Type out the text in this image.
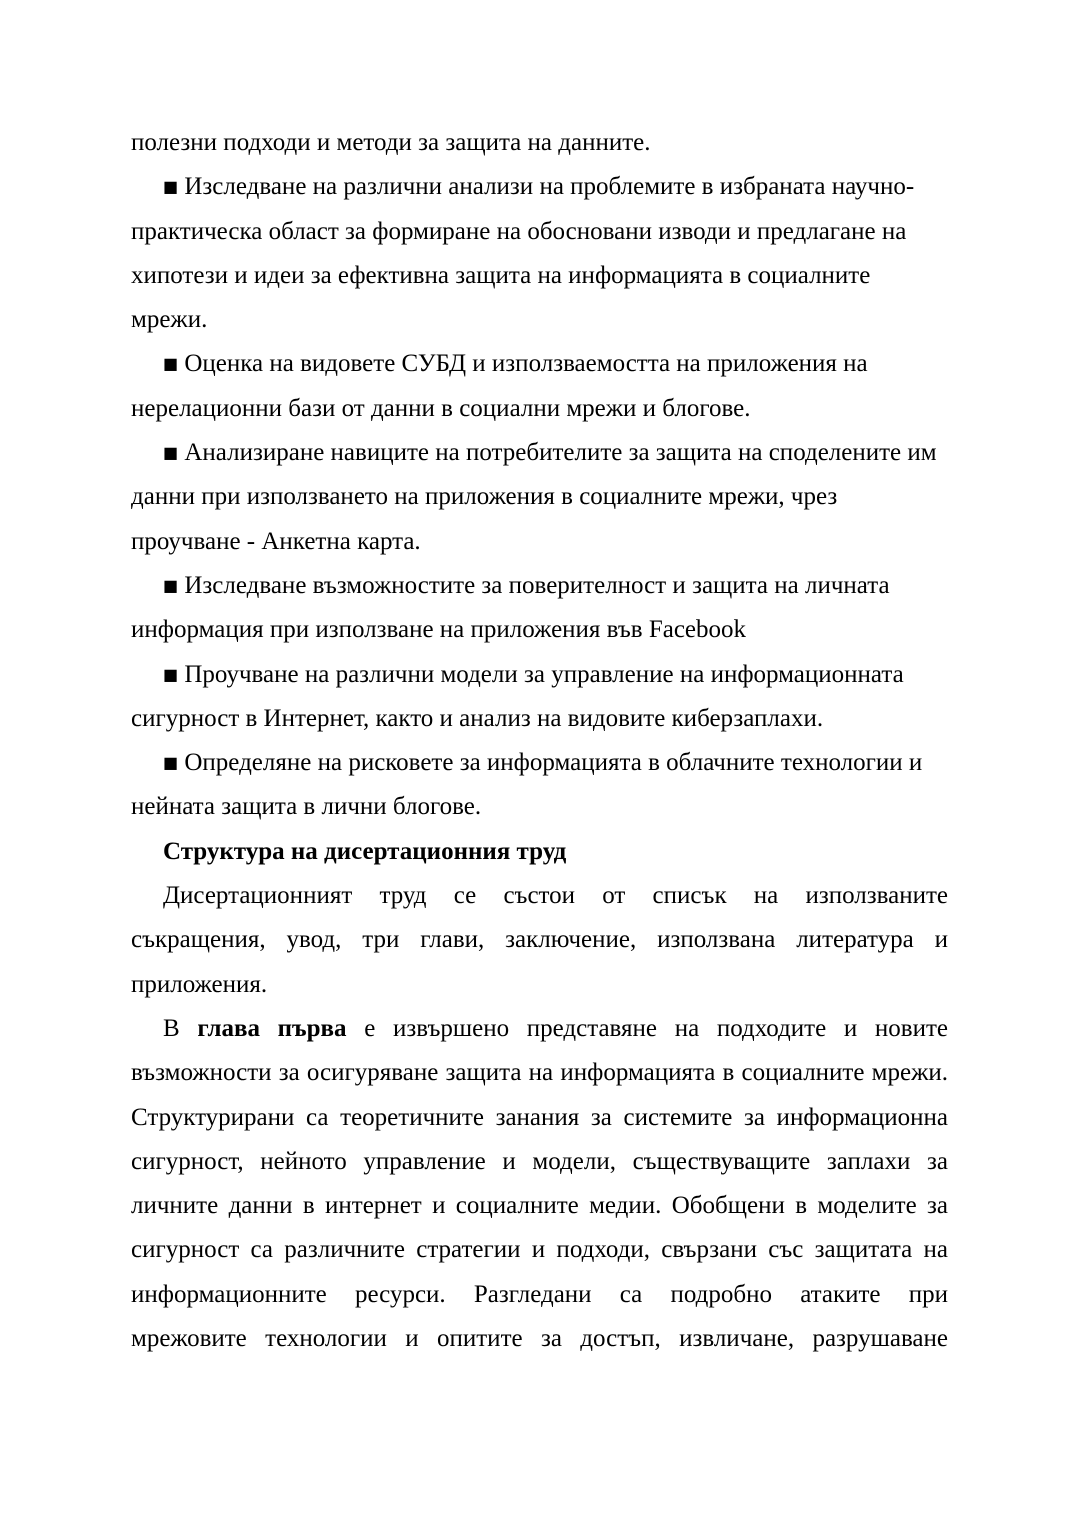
полезни подходи и методи за защита на данните.
■ Изследване на различни анализи на проблемите в избраната научно-
практическа област за формиране на обосновани изводи и предлагане на
хипотези и идеи за ефективна защита на информацията в социалните
мрежи.
■ Оценка на видовете СУБД и използваемостта на приложения на
нерелационни бази от данни в социални мрежи и блогове.
■ Анализиране навиците на потребителите за защита на споделените им
данни при използването на приложения в социалните мрежи, чрез
проучване - Анкетна карта.
■ Изследване възможностите за поверителност и защита на личната
информация при използване на приложения във Facebook
■ Проучване на различни модели за управление на информационната
сигурност в Интернет, както и анализ на видовите киберзаплахи.
■ Определяне на рисковете за информацията в облачните технологии и
нейната защита в лични блогове.
Структура на дисертационния труд
Дисертационният труд се състои от списък на използваните
съкращения, увод, три глави, заключение, използвана литература и
приложения.
В глава първа е извършено представяне на подходите и новите
възможности за осигуряване защита на информацията в социалните мрежи.
Структурирани са теоретичните занания за системите за информационна
сигурност, нейното управление и модели, съществуващите заплахи за
личните данни в интернет и социалните медии. Обобщени в моделите за
сигурност са различните стратегии и подходи, свързани със защитата на
информационните ресурси. Разгледани са подробно атаките при
мрежовите технологии и опитите за достъп, извличане, разрушаване
